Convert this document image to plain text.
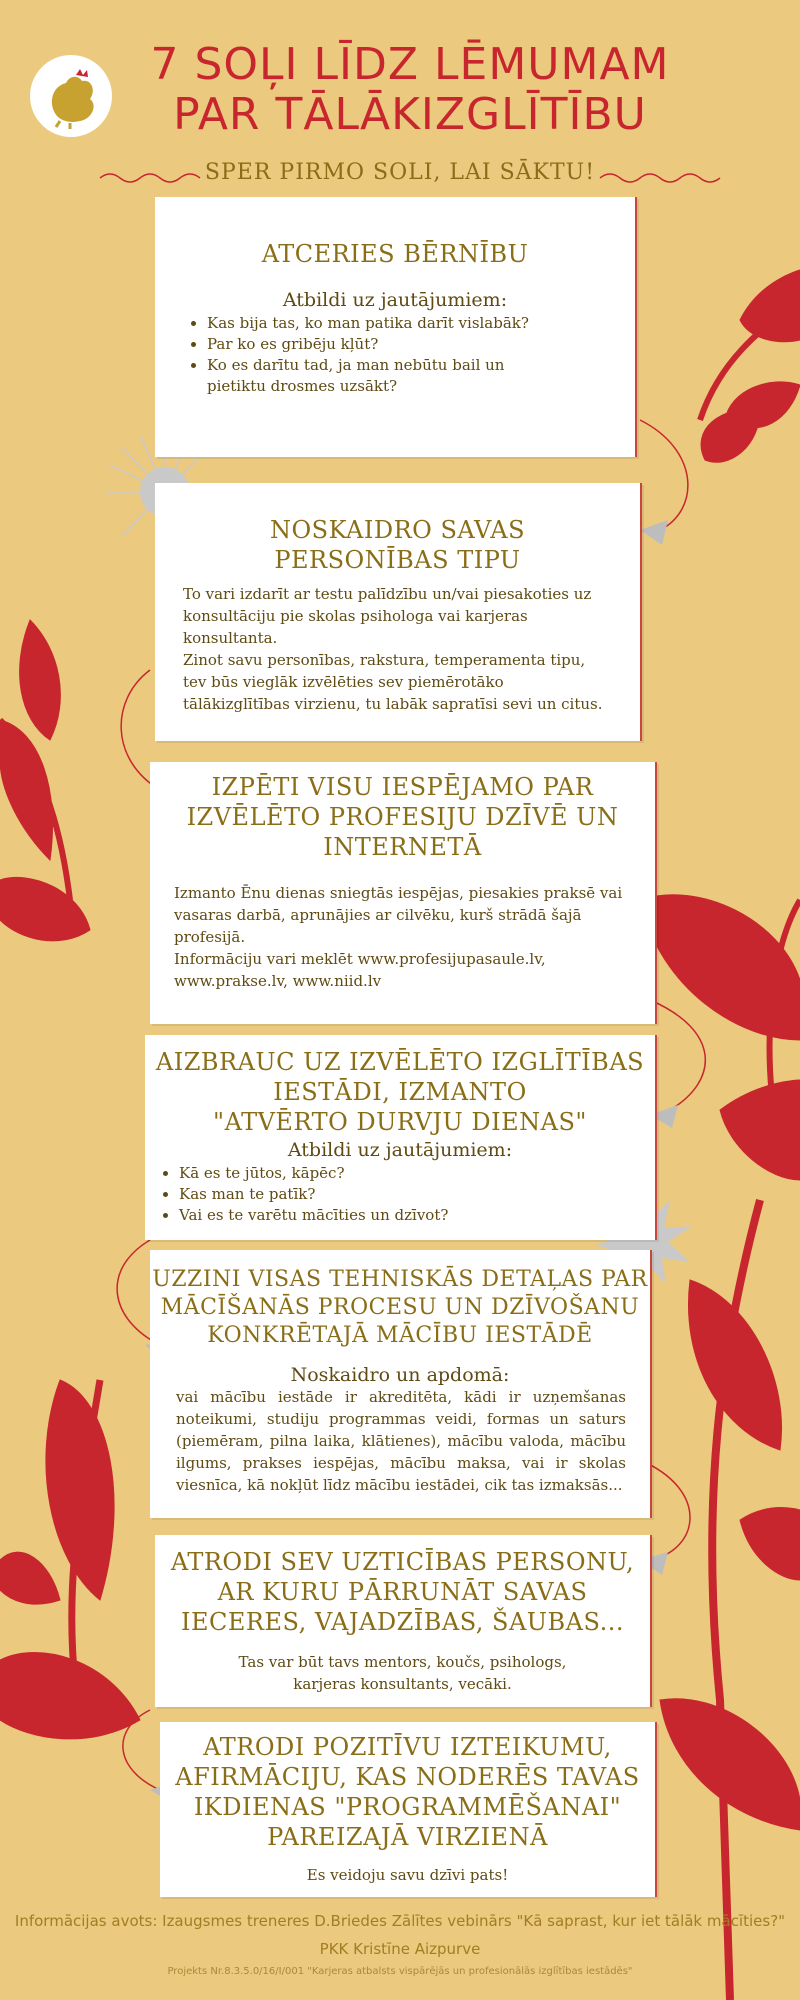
7 SOĻI LĪDZ LĒMUMAM
PAR TĀLĀKIZGLĪTĪBU
SPER PIRMO SOLI, LAI SĀKTU!
ATCERIES BĒRNĪBU
Atbildi uz jautājumiem:
• Kas bija tas, ko man patika darīt vislabāk?
• Par ko es gribēju kļūt?
• Ko es darītu tad, ja man nebūtu bail un pietiktu drosmes uzsākt?
NOSKAIDRO SAVAS
PERSONĪBAS TIPU

To vari izdarīt ar testu palīdzību un/vai piesakoties uz konsultāciju pie skolas psihologa vai karjeras konsultanta.

Zinot savu personības, rakstura, temperamenta tipu, tev būs vieglāk izvēlēties sev piemērotāko tālākizglītības virzienu, tu labāk sapratīsi sevi un citus.

IZPĒTI VISU IESPĒJAMO PAR
IZVĒLĒTO PROFESIJU DZĪVĒ UN
INTERNETĀ

Izmanto Ēnu dienas sniegtās iespējas, piesakies praksē vai vasaras darbā, aprunājies ar cilvēku, kurš strādā šajā profesijā.

Informāciju vari meklēt www.profesijupasaule.lv, www.prakse.lv, www.niid.lv

AIZBRAUC UZ IZVĒLĒTO IZGLĪTĪBAS
IESTĀDI, IZMANTO
"ATVĒRTO DURVJU DIENAS"
Atbildi uz jautājumiem:
• Kā es te jūtos, kāpēc?
• Kas man te patīk?
• Vai es te varētu mācīties un dzīvot?
UZZINI VISAS TEHNISKĀS DETAĻAS PAR
MĀCĪŠANĀS PROCESU UN DZĪVOŠANU
KONKRĒTAJĀ MĀCĪBU IESTĀDĒ
Noskaidro un apdomā:

vai mācību iestāde ir akreditēta, kādi ir uzņemšanas noteikumi, studiju programmas veidi, formas un saturs (piemēram, pilna laika, klātienes), mācību valoda, mācību ilgums, prakses iespējas, mācību maksa, vai ir skolas viesnīca, kā nokļūt līdz mācību iestādei, cik tas izmaksās...

ATRODI SEV UZTICĪBAS PERSONU,
AR KURU PĀRRUNĀT SAVAS
IECERES, VAJADZĪBAS, ŠAUBAS...

Tas var būt tavs mentors, koučs, psihologs, karjeras konsultants, vecāki.

ATRODI POZITĪVU IZTEIKUMU,
AFIRMĀCIJU, KAS NODERĒS TAVAS
IKDIENAS "PROGRAMMĒŠANAI"
PAREIZAJĀ VIRZIENĀ

Es veidoju savu dzīvi pats!

Informācijas avots: Izaugsmes treneres D.Briedes Zālītes vebinārs "Kā saprast, kur iet tālāk mācīties?"
PKK Kristīne Aizpurve
Projekts Nr.8.3.5.0/16/I/001 "Karjeras atbalsts vispārējās un profesionālās izglītības iestādēs"
